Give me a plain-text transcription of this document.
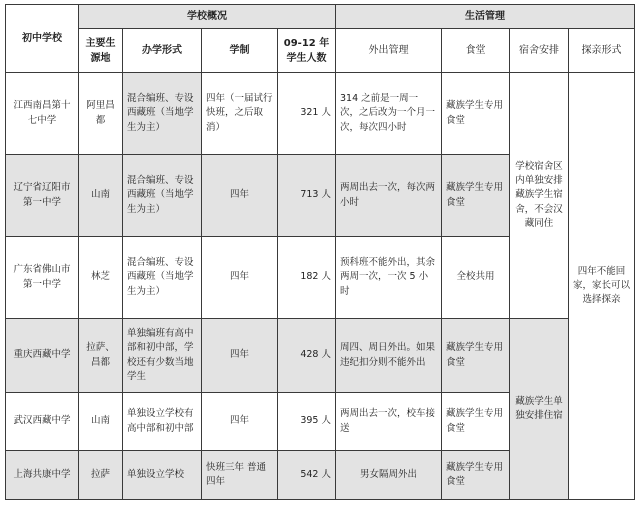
初中学校	学校概况				生活管理			
	主要生源地	办学形式	学制	09-12 年学生人数	外出管理	食堂	宿舍安排	探亲形式
江西南昌第十七中学	阿里昌都	混合编班、专设西藏班（当地学生为主）	四年（一届试行快班，之后取消）	321 人	314 之前是一周一次，之后改为一个月一次，每次四小时	藏族学生专用食堂	学校宿舍区内单独安排藏族学生宿舍，不会汉藏同住	四年不能回家，家长可以选择探亲
辽宁省辽阳市第一中学	山南	混合编班、专设西藏班（当地学生为主）	四年	713 人	两周出去一次，每次两小时	藏族学生专用食堂		
广东省佛山市第一中学	林芝	混合编班、专设西藏班（当地学生为主）	四年	182 人	预科班不能外出，其余两周一次，一次 5 小时	全校共用		
重庆西藏中学	拉萨、昌都	单独编班有高中部和初中部，学校还有少数当地学生	四年	428 人	周四、周日外出。如果违纪扣分则不能外出	藏族学生专用食堂	藏族学生单独安排住宿	
武汉西藏中学	山南	单独设立学校有高中部和初中部	四年	395 人	两周出去一次，校车接送	藏族学生专用食堂		
上海共康中学	拉萨	单独设立学校	快班三年 普通四年	542 人	男女隔周外出	藏族学生专用食堂		
